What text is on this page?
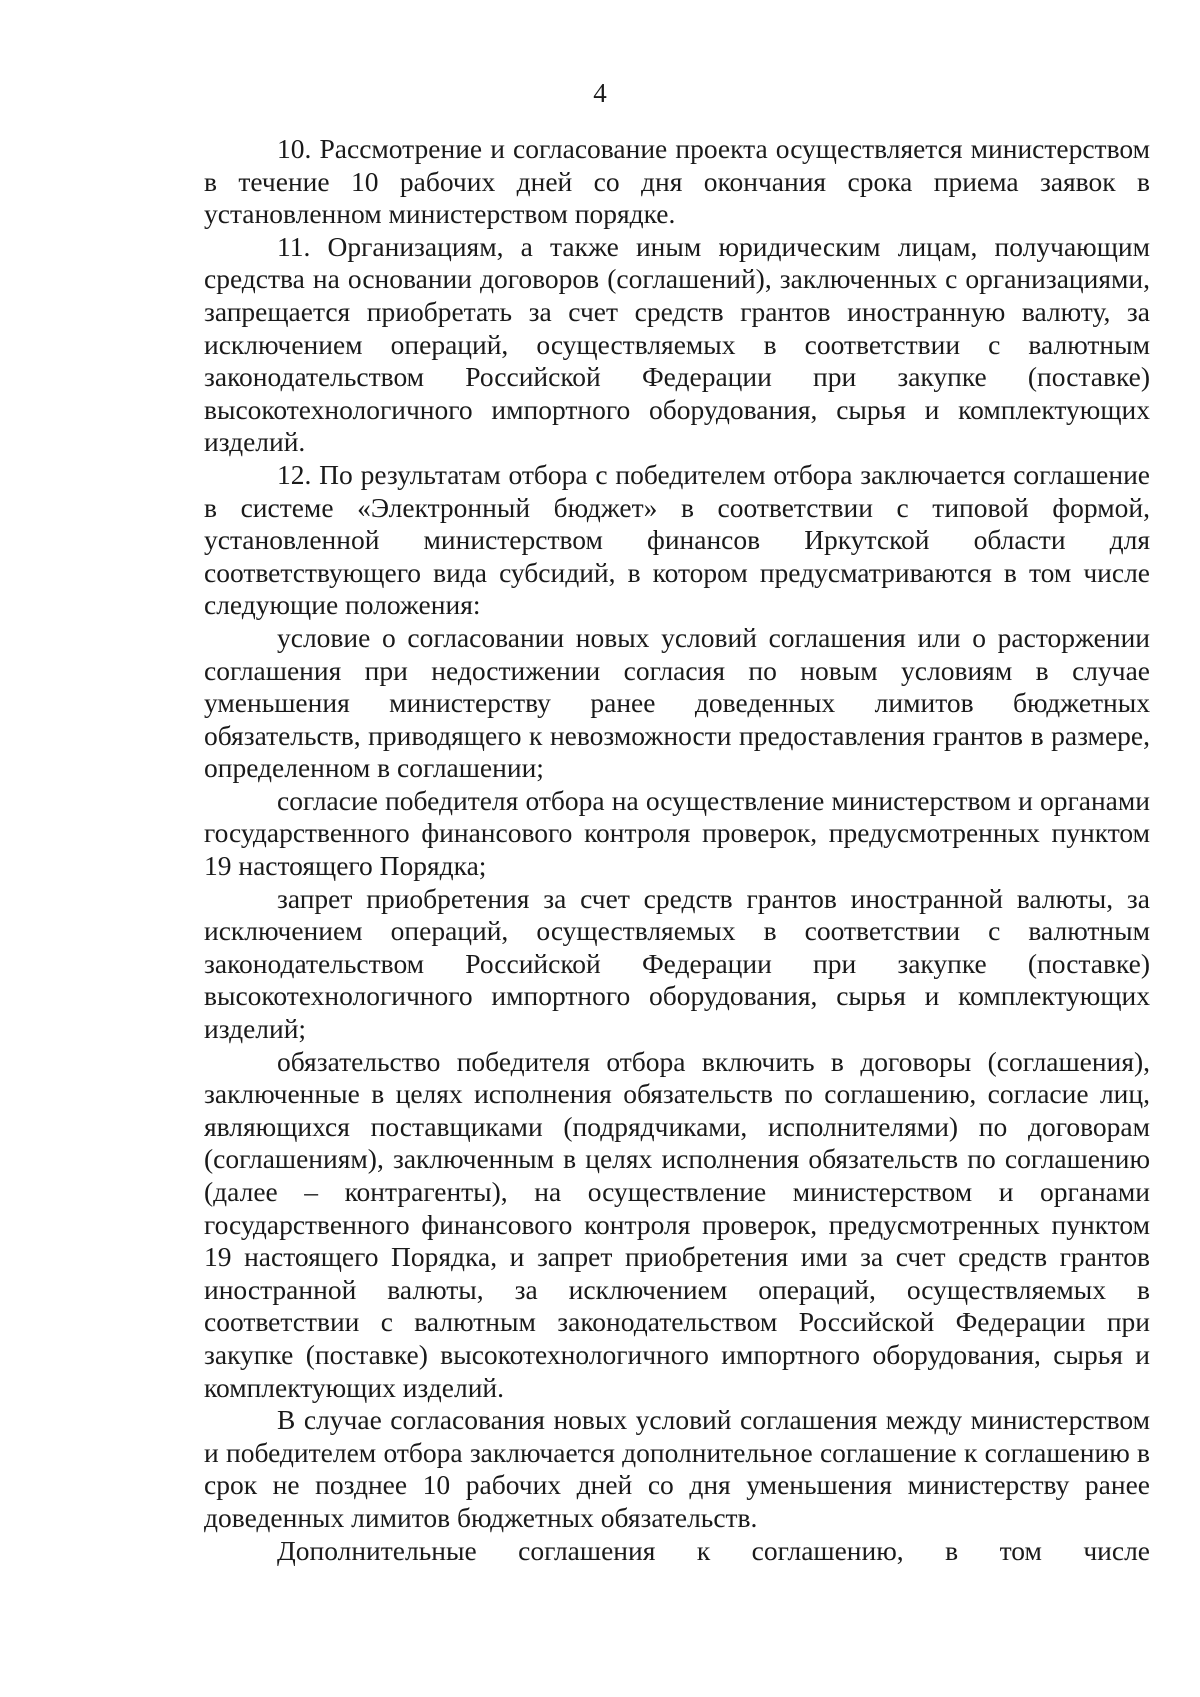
4

10. Рассмотрение и согласование проекта осуществляется министерством в течение 10 рабочих дней со дня окончания срока приема заявок в установленном министерством порядке.

11. Организациям, а также иным юридическим лицам, получающим средства на основании договоров (соглашений), заключенных с организациями, запрещается приобретать за счет средств грантов иностранную валюту, за исключением операций, осуществляемых в соответствии с валютным законодательством Российской Федерации при закупке (поставке) высокотехнологичного импортного оборудования, сырья и комплектующих изделий.

12. По результатам отбора с победителем отбора заключается соглашение в системе «Электронный бюджет» в соответствии с типовой формой, установленной министерством финансов Иркутской области для соответствующего вида субсидий, в котором предусматриваются в том числе следующие положения:

условие о согласовании новых условий соглашения или о расторжении соглашения при недостижении согласия по новым условиям в случае уменьшения министерству ранее доведенных лимитов бюджетных обязательств, приводящего к невозможности предоставления грантов в размере, определенном в соглашении;

согласие победителя отбора на осуществление министерством и органами государственного финансового контроля проверок, предусмотренных пунктом 19 настоящего Порядка;

запрет приобретения за счет средств грантов иностранной валюты, за исключением операций, осуществляемых в соответствии с валютным законодательством Российской Федерации при закупке (поставке) высокотехнологичного импортного оборудования, сырья и комплектующих изделий;

обязательство победителя отбора включить в договоры (соглашения), заключенные в целях исполнения обязательств по соглашению, согласие лиц, являющихся поставщиками (подрядчиками, исполнителями) по договорам (соглашениям), заключенным в целях исполнения обязательств по соглашению (далее – контрагенты), на осуществление министерством и органами государственного финансового контроля проверок, предусмотренных пунктом 19 настоящего Порядка, и запрет приобретения ими за счет средств грантов иностранной валюты, за исключением операций, осуществляемых в соответствии с валютным законодательством Российской Федерации при закупке (поставке) высокотехнологичного импортного оборудования, сырья и комплектующих изделий.

В случае согласования новых условий соглашения между министерством и победителем отбора заключается дополнительное соглашение к соглашению в срок не позднее 10 рабочих дней со дня уменьшения министерству ранее доведенных лимитов бюджетных обязательств.

Дополнительные соглашения к соглашению, в том числе
